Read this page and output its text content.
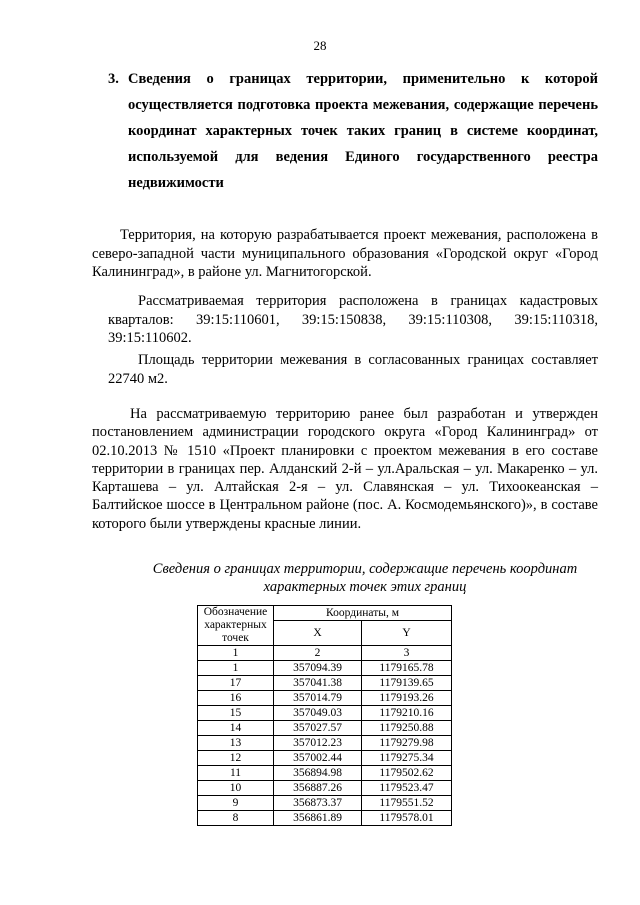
28
3. Сведения о границах территории, применительно к которой осуществляется подготовка проекта межевания, содержащие перечень координат характерных точек таких границ в системе координат, используемой для ведения Единого государственного реестра недвижимости
Территория, на которую разрабатывается проект межевания, расположена в северо-западной части муниципального образования «Городской округ «Город Калининград», в районе ул. Магнитогорской.
Рассматриваемая территория расположена в границах кадастровых кварталов: 39:15:110601, 39:15:150838, 39:15:110308, 39:15:110318, 39:15:110602.
Площадь территории межевания в согласованных границах составляет 22740 м2.
На рассматриваемую территорию ранее был разработан и утвержден постановлением администрации городского округа «Город Калининград» от 02.10.2013 № 1510 «Проект планировки с проектом межевания в его составе территории в границах пер. Алданский 2-й – ул.Аральская – ул. Макаренко – ул. Карташева – ул. Алтайская 2-я – ул. Славянская – ул. Тихоокеанская – Балтийское шоссе в Центральном районе (пос. А. Космодемьянского)», в составе которого были утверждены красные линии.
Сведения о границах территории, содержащие перечень координат характерных точек этих границ
Обозначение характерных точек	Координаты, м	
	X	Y
1	2	3
1	357094.39	1179165.78
17	357041.38	1179139.65
16	357014.79	1179193.26
15	357049.03	1179210.16
14	357027.57	1179250.88
13	357012.23	1179279.98
12	357002.44	1179275.34
11	356894.98	1179502.62
10	356887.26	1179523.47
9	356873.37	1179551.52
8	356861.89	1179578.01
